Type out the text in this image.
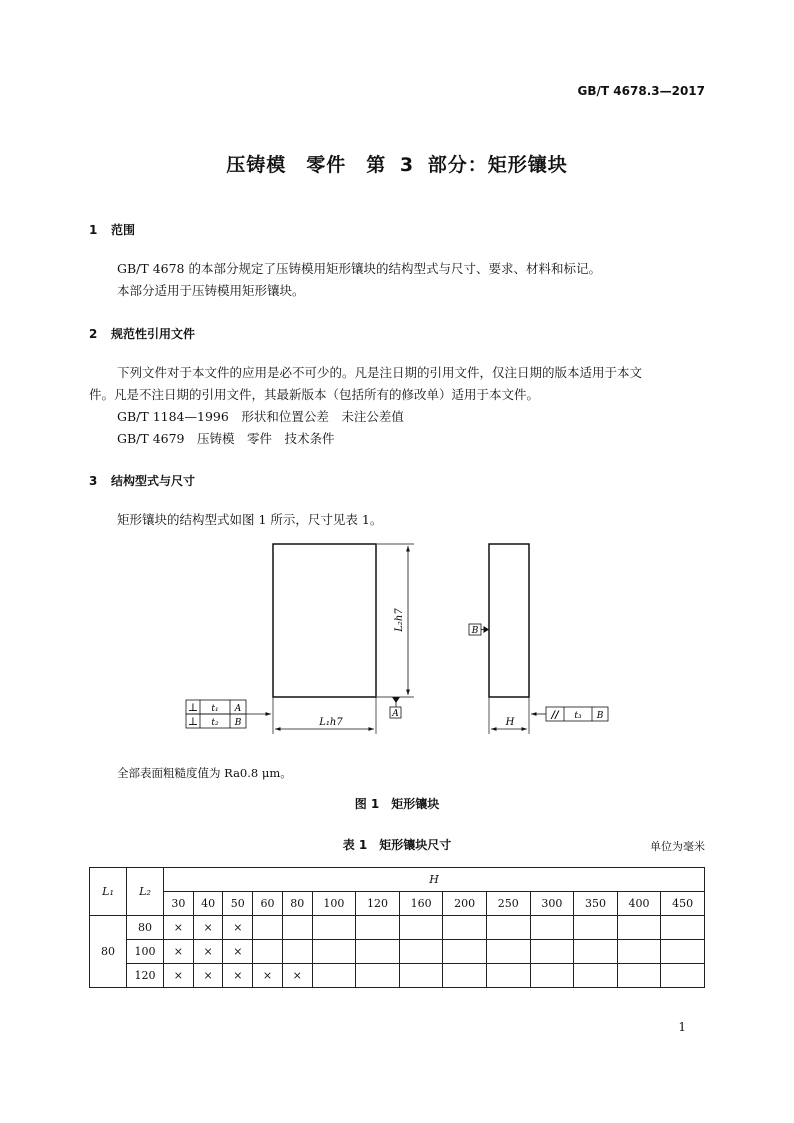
GB/T 4678.3—2017
压铸模　零件　第 3 部分：矩形镶块
1 范围
GB/T 4678 的本部分规定了压铸模用矩形镶块的结构型式与尺寸、要求、材料和标记。
本部分适用于压铸模用矩形镶块。
2 规范性引用文件
下列文件对于本文件的应用是必不可少的。凡是注日期的引用文件，仅注日期的版本适用于本文
件。凡是不注日期的引用文件，其最新版本（包括所有的修改单）适用于本文件。
GB/T 1184—1996　形状和位置公差　未注公差值
GB/T 4679　压铸模　零件　技术条件
3 结构型式与尺寸
矩形镶块的结构型式如图 1 所示，尺寸见表 1。
L₂h7
A
L₁h7
⊥ t₁ A
⊥ t₂ B
B
H
// t₃ B
全部表面粗糙度值为 Ra0.8 μm。
图 1　矩形镶块
表 1　矩形镶块尺寸	单位为毫米
L₁	L₂	H													
		30	40	50	60	80	100	120	160	200	250	300	350	400	450
80	80	×	×	×											
	100	×	×	×											
	120	×	×	×	×	×									
1
